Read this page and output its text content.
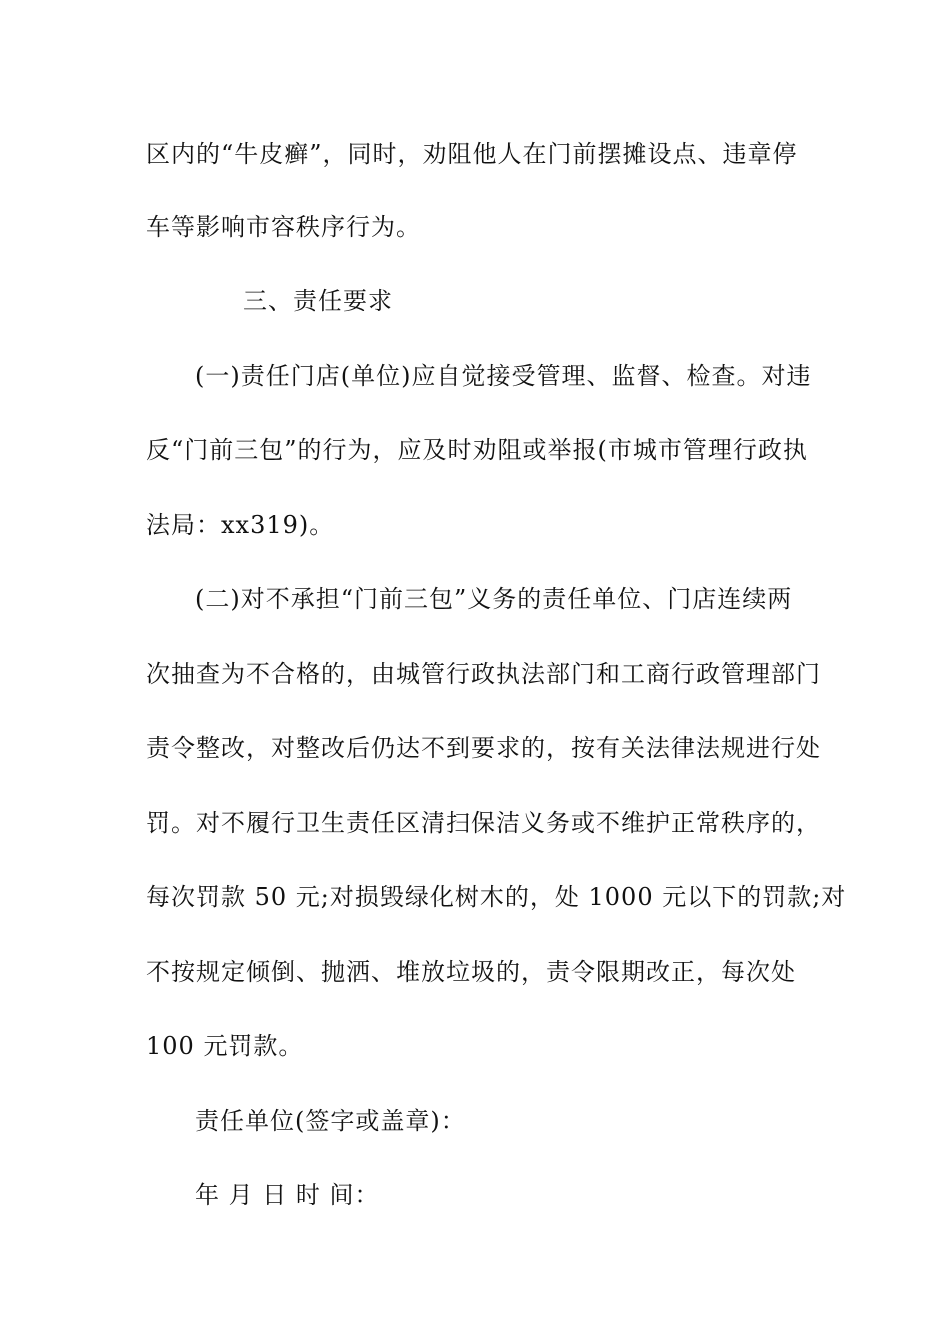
区内的“牛皮癣”，同时，劝阻他人在门前摆摊设点、违章停
车等影响市容秩序行为。
三、责任要求
(一)责任门店(单位)应自觉接受管理、监督、检查。对违
反“门前三包”的行为，应及时劝阻或举报(市城市管理行政执
法局：xx319)。
(二)对不承担“门前三包”义务的责任单位、门店连续两
次抽查为不合格的，由城管行政执法部门和工商行政管理部门
责令整改，对整改后仍达不到要求的，按有关法律法规进行处
罚。对不履行卫生责任区清扫保洁义务或不维护正常秩序的，
每次罚款 50 元;对损毁绿化树木的，处 1000 元以下的罚款;对
不按规定倾倒、抛洒、堆放垃圾的，责令限期改正，每次处
100 元罚款。
责任单位(签字或盖章)：
年 月 日 时 间：
